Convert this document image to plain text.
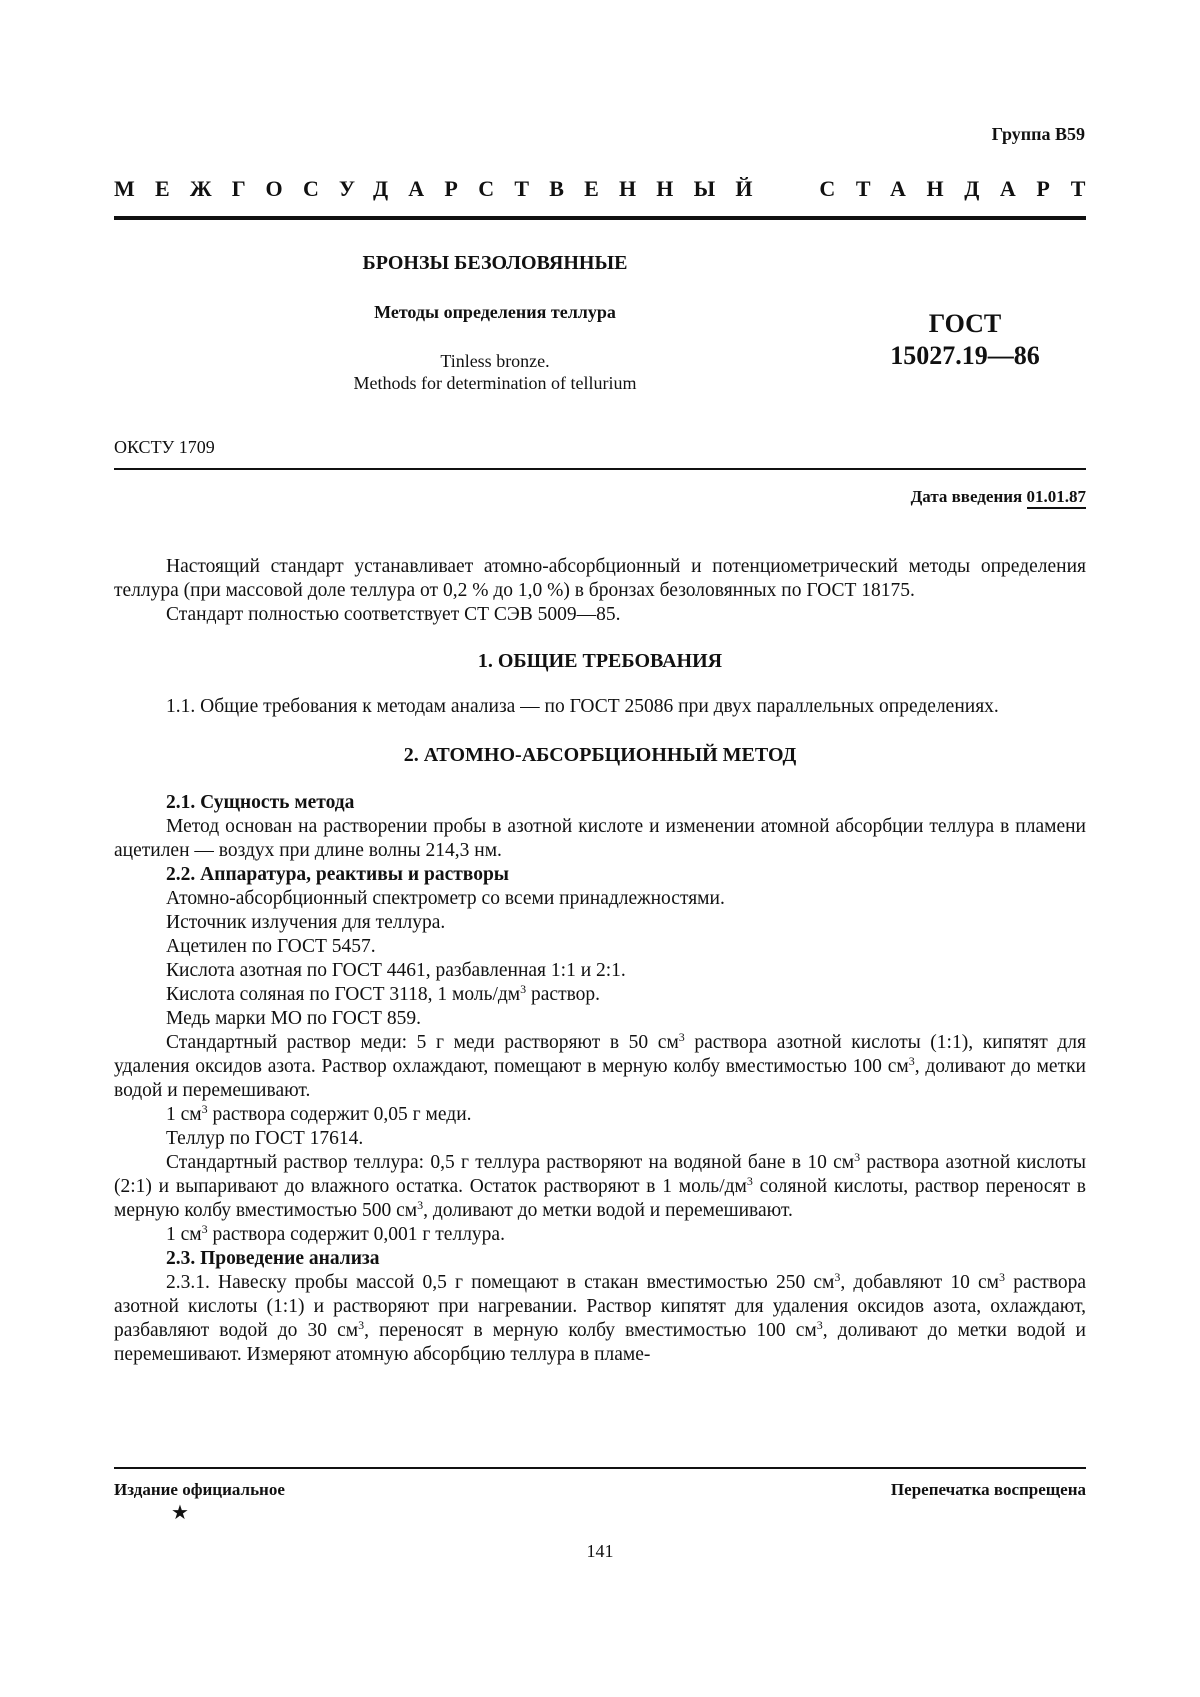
Группа В59
МЕЖГОСУДАРСТВЕННЫЙ СТАНДАРТ
БРОНЗЫ БЕЗОЛОВЯННЫЕ
Методы определения теллура
Tinless bronze.
Methods for determination of tellurium
ГОСТ
15027.19—86
ОКСТУ 1709
Дата введения 01.01.87

Настоящий стандарт устанавливает атомно-абсорбционный и потенциометрический методы определения теллура (при массовой доле теллура от 0,2 % до 1,0 %) в бронзах безоловянных по ГОСТ 18175.

Стандарт полностью соответствует СТ СЭВ 5009—85.

1. ОБЩИЕ ТРЕБОВАНИЯ

1.1. Общие требования к методам анализа — по ГОСТ 25086 при двух параллельных определениях.

2. АТОМНО-АБСОРБЦИОННЫЙ МЕТОД

2.1. Сущность метода

Метод основан на растворении пробы в азотной кислоте и изменении атомной абсорбции теллура в пламени ацетилен — воздух при длине волны 214,3 нм.

2.2. Аппаратура, реактивы и растворы

Атомно-абсорбционный спектрометр со всеми принадлежностями.

Источник излучения для теллура.

Ацетилен по ГОСТ 5457.

Кислота азотная по ГОСТ 4461, разбавленная 1:1 и 2:1.

Кислота соляная по ГОСТ 3118, 1 моль/$дм^3$ раствор.

Медь марки МО по ГОСТ 859.

Стандартный раствор меди: 5 г меди растворяют в 50 $см^3$ раствора азотной кислоты (1:1), кипятят для удаления оксидов азота. Раствор охлаждают, помещают в мерную колбу вместимостью 100 $см^3$, доливают до метки водой и перемешивают.

1 $см^3$ раствора содержит 0,05 г меди.

Теллур по ГОСТ 17614.

Стандартный раствор теллура: 0,5 г теллура растворяют на водяной бане в 10 $см^3$ раствора азотной кислоты (2:1) и выпаривают до влажного остатка. Остаток растворяют в 1 моль/$дм^3$ соляной кислоты, раствор переносят в мерную колбу вместимостью 500 $см^3$, доливают до метки водой и перемешивают.

1 $см^3$ раствора содержит 0,001 г теллура.

2.3. Проведение анализа

2.3.1. Навеску пробы массой 0,5 г помещают в стакан вместимостью 250 $см^3$, добавляют 10 $см^3$ раствора азотной кислоты (1:1) и растворяют при нагревании. Раствор кипятят для удаления оксидов азота, охлаждают, разбавляют водой до 30 $см^3$, переносят в мерную колбу вместимостью 100 $см^3$, доливают до метки водой и перемешивают. Измеряют атомную абсорбцию теллура в пламе-

Издание официальное
★
Перепечатка воспрещена
141
